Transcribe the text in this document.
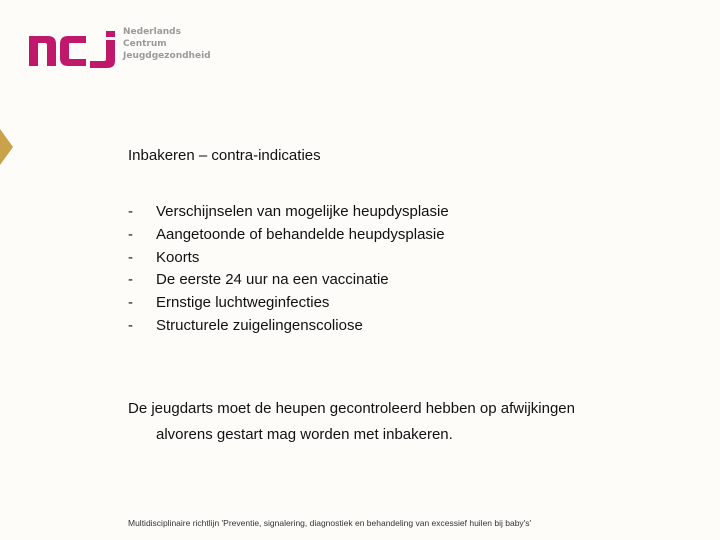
Nederlands
Centrum
Jeugdgezondheid
Inbakeren – contra-indicaties
- Verschijnselen van mogelijke heupdysplasie
- Aangetoonde of behandelde heupdysplasie
- Koorts
- De eerste 24 uur na een vaccinatie
- Ernstige luchtweginfecties
- Structurele zuigelingenscoliose
De jeugdarts moet de heupen gecontroleerd hebben op afwijkingen
alvorens gestart mag worden met inbakeren.
Multidisciplinaire richtlijn 'Preventie, signalering, diagnostiek en behandeling van excessief huilen bij baby's'
